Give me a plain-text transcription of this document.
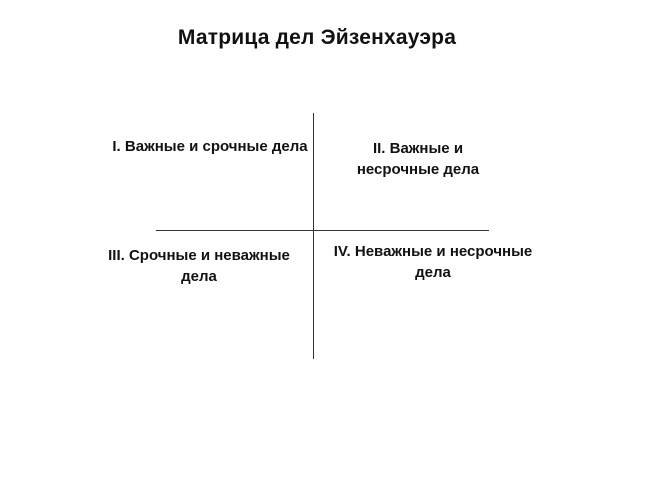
Матрица дел Эйзенхауэра
I. Важные и срочные дела	II. Важные и
несрочные дела
III. Срочные и неважные
дела
IV. Неважные и несрочные
дела
